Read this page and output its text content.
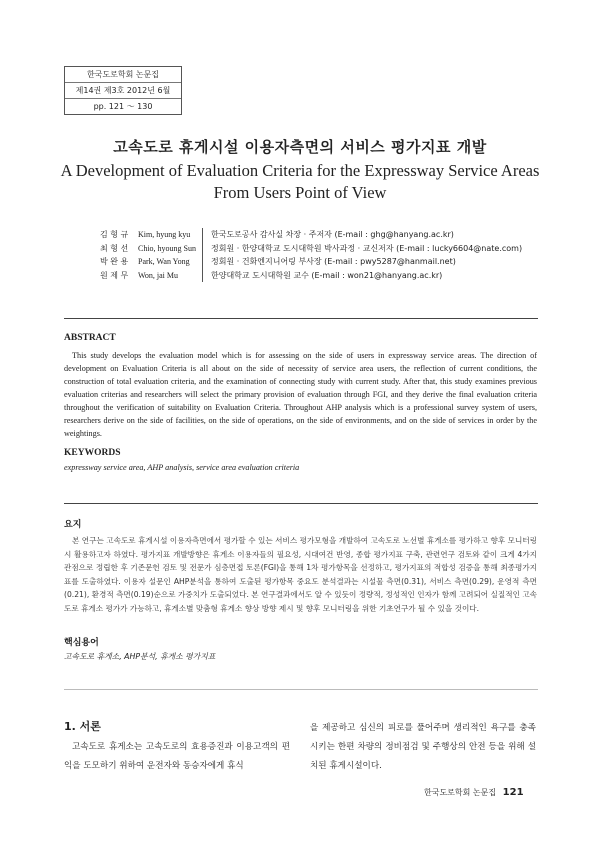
한국도로학회 논문집
제14권 제3호 2012년 6월
pp. 121 ～ 130
고속도로 휴게시설 이용자측면의 서비스 평가지표 개발
A Development of Evaluation Criteria for the Expressway Service Areas
From Users Point of View
김 형 규	Kim, hyung kyu	한국도로공사 감사실 차장 · 주저자 (E-mail : ghg@hanyang.ac.kr)
최 형 선	Chio, hyoung Sun	정회원 · 한양대학교 도시대학원 박사과정 · 교신저자 (E-mail : lucky6604@nate.com)
박 완 용	Park, Wan Yong	정회원 · 건화엔지니어링 부사장 (E-mail : pwy5287@hanmail.net)
원 제 무	Won, jai Mu	한양대학교 도시대학원 교수 (E-mail : won21@hanyang.ac.kr)
ABSTRACT
This study develops the evaluation model which is for assessing on the side of users in expressway service areas. The direction of development on Evaluation Criteria is all about on the side of necessity of service area users, the reflection of current conditions, the construction of total evaluation criteria, and the examination of connecting study with current study. After that, this study examines previous evaluation criterias and researchers will select the primary provision of evaluation through FGI, and they derive the final evaluation criteria throughout the verification of suitability on Evaluation Criteria. Throughout AHP analysis which is a professional survey system of users, researchers derive on the side of facilities, on the side of operations, on the side of environments, and on the side of services in order by the weightings.
KEYWORDS
expressway service area, AHP analysis, service area evaluation criteria
요지
본 연구는 고속도로 휴게시설 이용자측면에서 평가할 수 있는 서비스 평가모형을 개발하여 고속도로 노선별 휴게소를 평가하고 향후 모니터링 시 활용하고자 하였다. 평가지표 개발방향은 휴게소 이용자들의 필요성, 시대여건 반영, 종합 평가지표 구축, 관련연구 검토와 같이 크게 4가지 관점으로 정립한 후 기존문헌 검토 및 전문가 심층면접 토론(FGI)을 통해 1차 평가항목을 선정하고, 평가지표의 적합성 검증을 통해 최종평가지표를 도출하였다. 이용자 설문인 AHP분석을 통하여 도출된 평가항목 중요도 분석결과는 시설물 측면(0.31), 서비스 측면(0.29), 운영적 측면(0.21), 환경적 측면(0.19)순으로 가중치가 도출되었다. 본 연구결과에서도 알 수 있듯이 정량적, 정성적인 인자가 함께 고려되어 실질적인 고속도로 휴게소 평가가 가능하고, 휴게소별 맞춤형 휴게소 향상 방향 제시 및 향후 모니터링을 위한 기초연구가 될 수 있을 것이다.
핵심용어
고속도로 휴게소, AHP분석, 휴게소 평가지표
1. 서론
고속도로 휴게소는 고속도로의 효용증진과 이용고객의 편익을 도모하기 위하여 운전자와 동승자에게 휴식
을 제공하고 심신의 피로를 풀어주며 생리적인 욕구를 충족시키는 한편 차량의 정비점검 및 주행상의 안전 등을 위해 설치된 휴게시설이다.
한국도로학회 논문집 121
